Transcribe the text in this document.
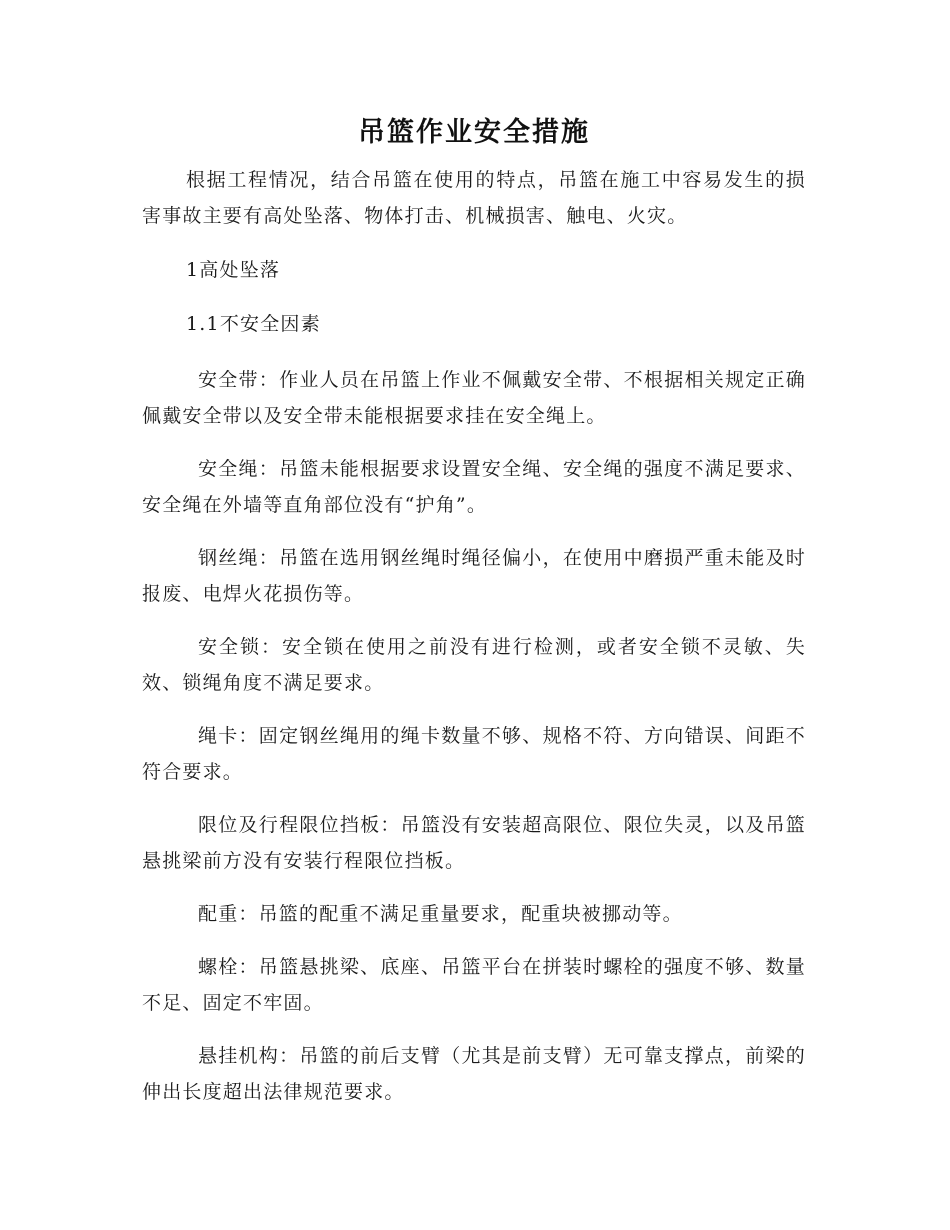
吊篮作业安全措施

根据工程情况，结合吊篮在使用的特点，吊篮在施工中容易发生的损害事故主要有高处坠落、物体打击、机械损害、触电、火灾。

1高处坠落

1.1不安全因素

安全带：作业人员在吊篮上作业不佩戴安全带、不根据相关规定正确佩戴安全带以及安全带未能根据要求挂在安全绳上。

安全绳：吊篮未能根据要求设置安全绳、安全绳的强度不满足要求、安全绳在外墙等直角部位没有“护角”。

钢丝绳：吊篮在选用钢丝绳时绳径偏小，在使用中磨损严重未能及时报废、电焊火花损伤等。

安全锁：安全锁在使用之前没有进行检测，或者安全锁不灵敏、失效、锁绳角度不满足要求。

绳卡：固定钢丝绳用的绳卡数量不够、规格不符、方向错误、间距不符合要求。

限位及行程限位挡板：吊篮没有安装超高限位、限位失灵，以及吊篮悬挑梁前方没有安装行程限位挡板。

配重：吊篮的配重不满足重量要求，配重块被挪动等。

螺栓：吊篮悬挑梁、底座、吊篮平台在拼装时螺栓的强度不够、数量不足、固定不牢固。

悬挂机构：吊篮的前后支臂（尤其是前支臂）无可靠支撑点，前梁的伸出长度超出法律规范要求。
